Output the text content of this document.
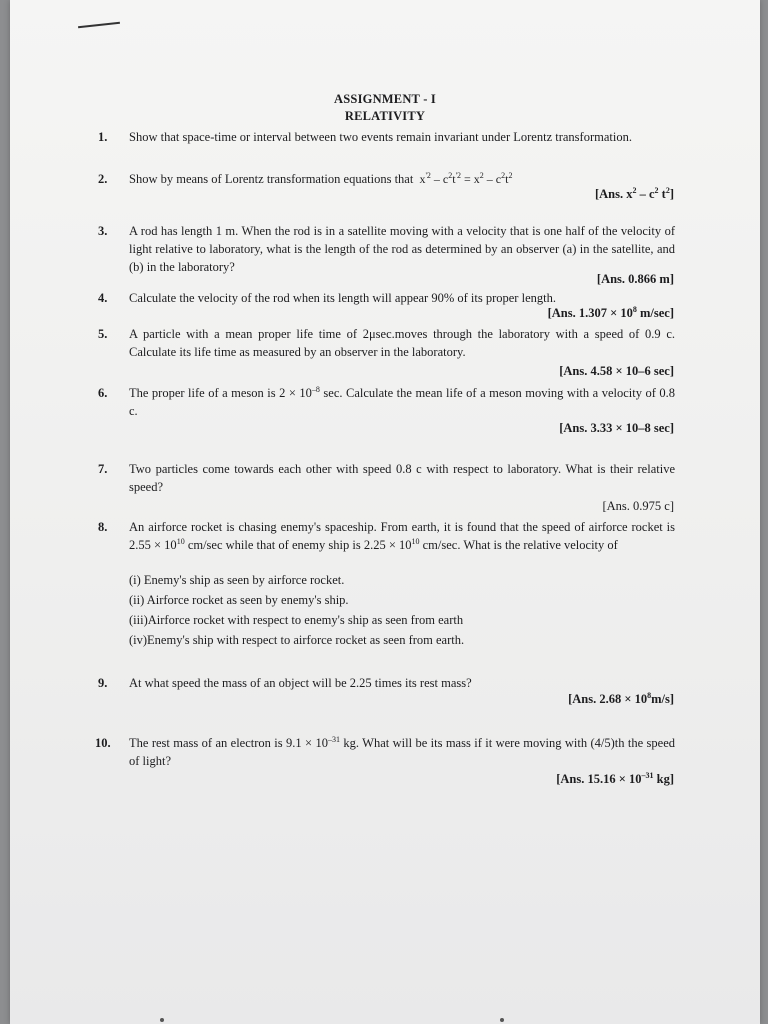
ASSIGNMENT - I
RELATIVITY
1. Show that space-time or interval between two events remain invariant under Lorentz transformation.
2. Show by means of Lorentz transformation equations that  $x^{'2} - c^2t^{'2} = x^2 - c^2t^2$
[Ans. $x^2 - c^2$ $t^2$]
3. A rod has length 1 m. When the rod is in a satellite moving with a velocity that is one half of the velocity of light relative to laboratory, what is the length of the rod as determined by an observer (a) in the satellite, and (b) in the laboratory?
[Ans. 0.866 m]
4. Calculate the velocity of the rod when its length will appear 90% of its proper length.
[Ans. $1.307 \times 10^8$ m/sec]
5. A particle with a mean proper life time of 2μsec.moves through the laboratory with a speed of 0.9 c. Calculate its life time as measured by an observer in the laboratory.
[Ans. 4.58 × 10–6 sec]
6. The proper life of a meson is $2 \times 10^{-8}$ sec. Calculate the mean life of a meson moving with a velocity of 0.8 c.
[Ans. 3.33 × 10–8 sec]
7. Two particles come towards each other with speed 0.8 c with respect to laboratory. What is their relative speed?
[Ans. 0.975 c]
8. An airforce rocket is chasing enemy's spaceship. From earth, it is found that the speed of airforce rocket is $2.55 \times 10^{10}$ cm/sec while that of enemy ship is $2.25 \times 10^{10}$ cm/sec. What is the relative velocity of
(i) Enemy's ship as seen by airforce rocket.
(ii) Airforce rocket as seen by enemy's ship.
(iii)Airforce rocket with respect to enemy's ship as seen from earth
(iv)Enemy's ship with respect to airforce rocket as seen from earth.
9. At what speed the mass of an object will be 2.25 times its rest mass?
[Ans. $2.68 \times 10^8m/s$]
10. The rest mass of an electron is $9.1 \times 10^{-31}$ kg. What will be its mass if it were moving with (4/5)th the speed of light?
[Ans. $15.16 \times 10^{-31}$ kg]
